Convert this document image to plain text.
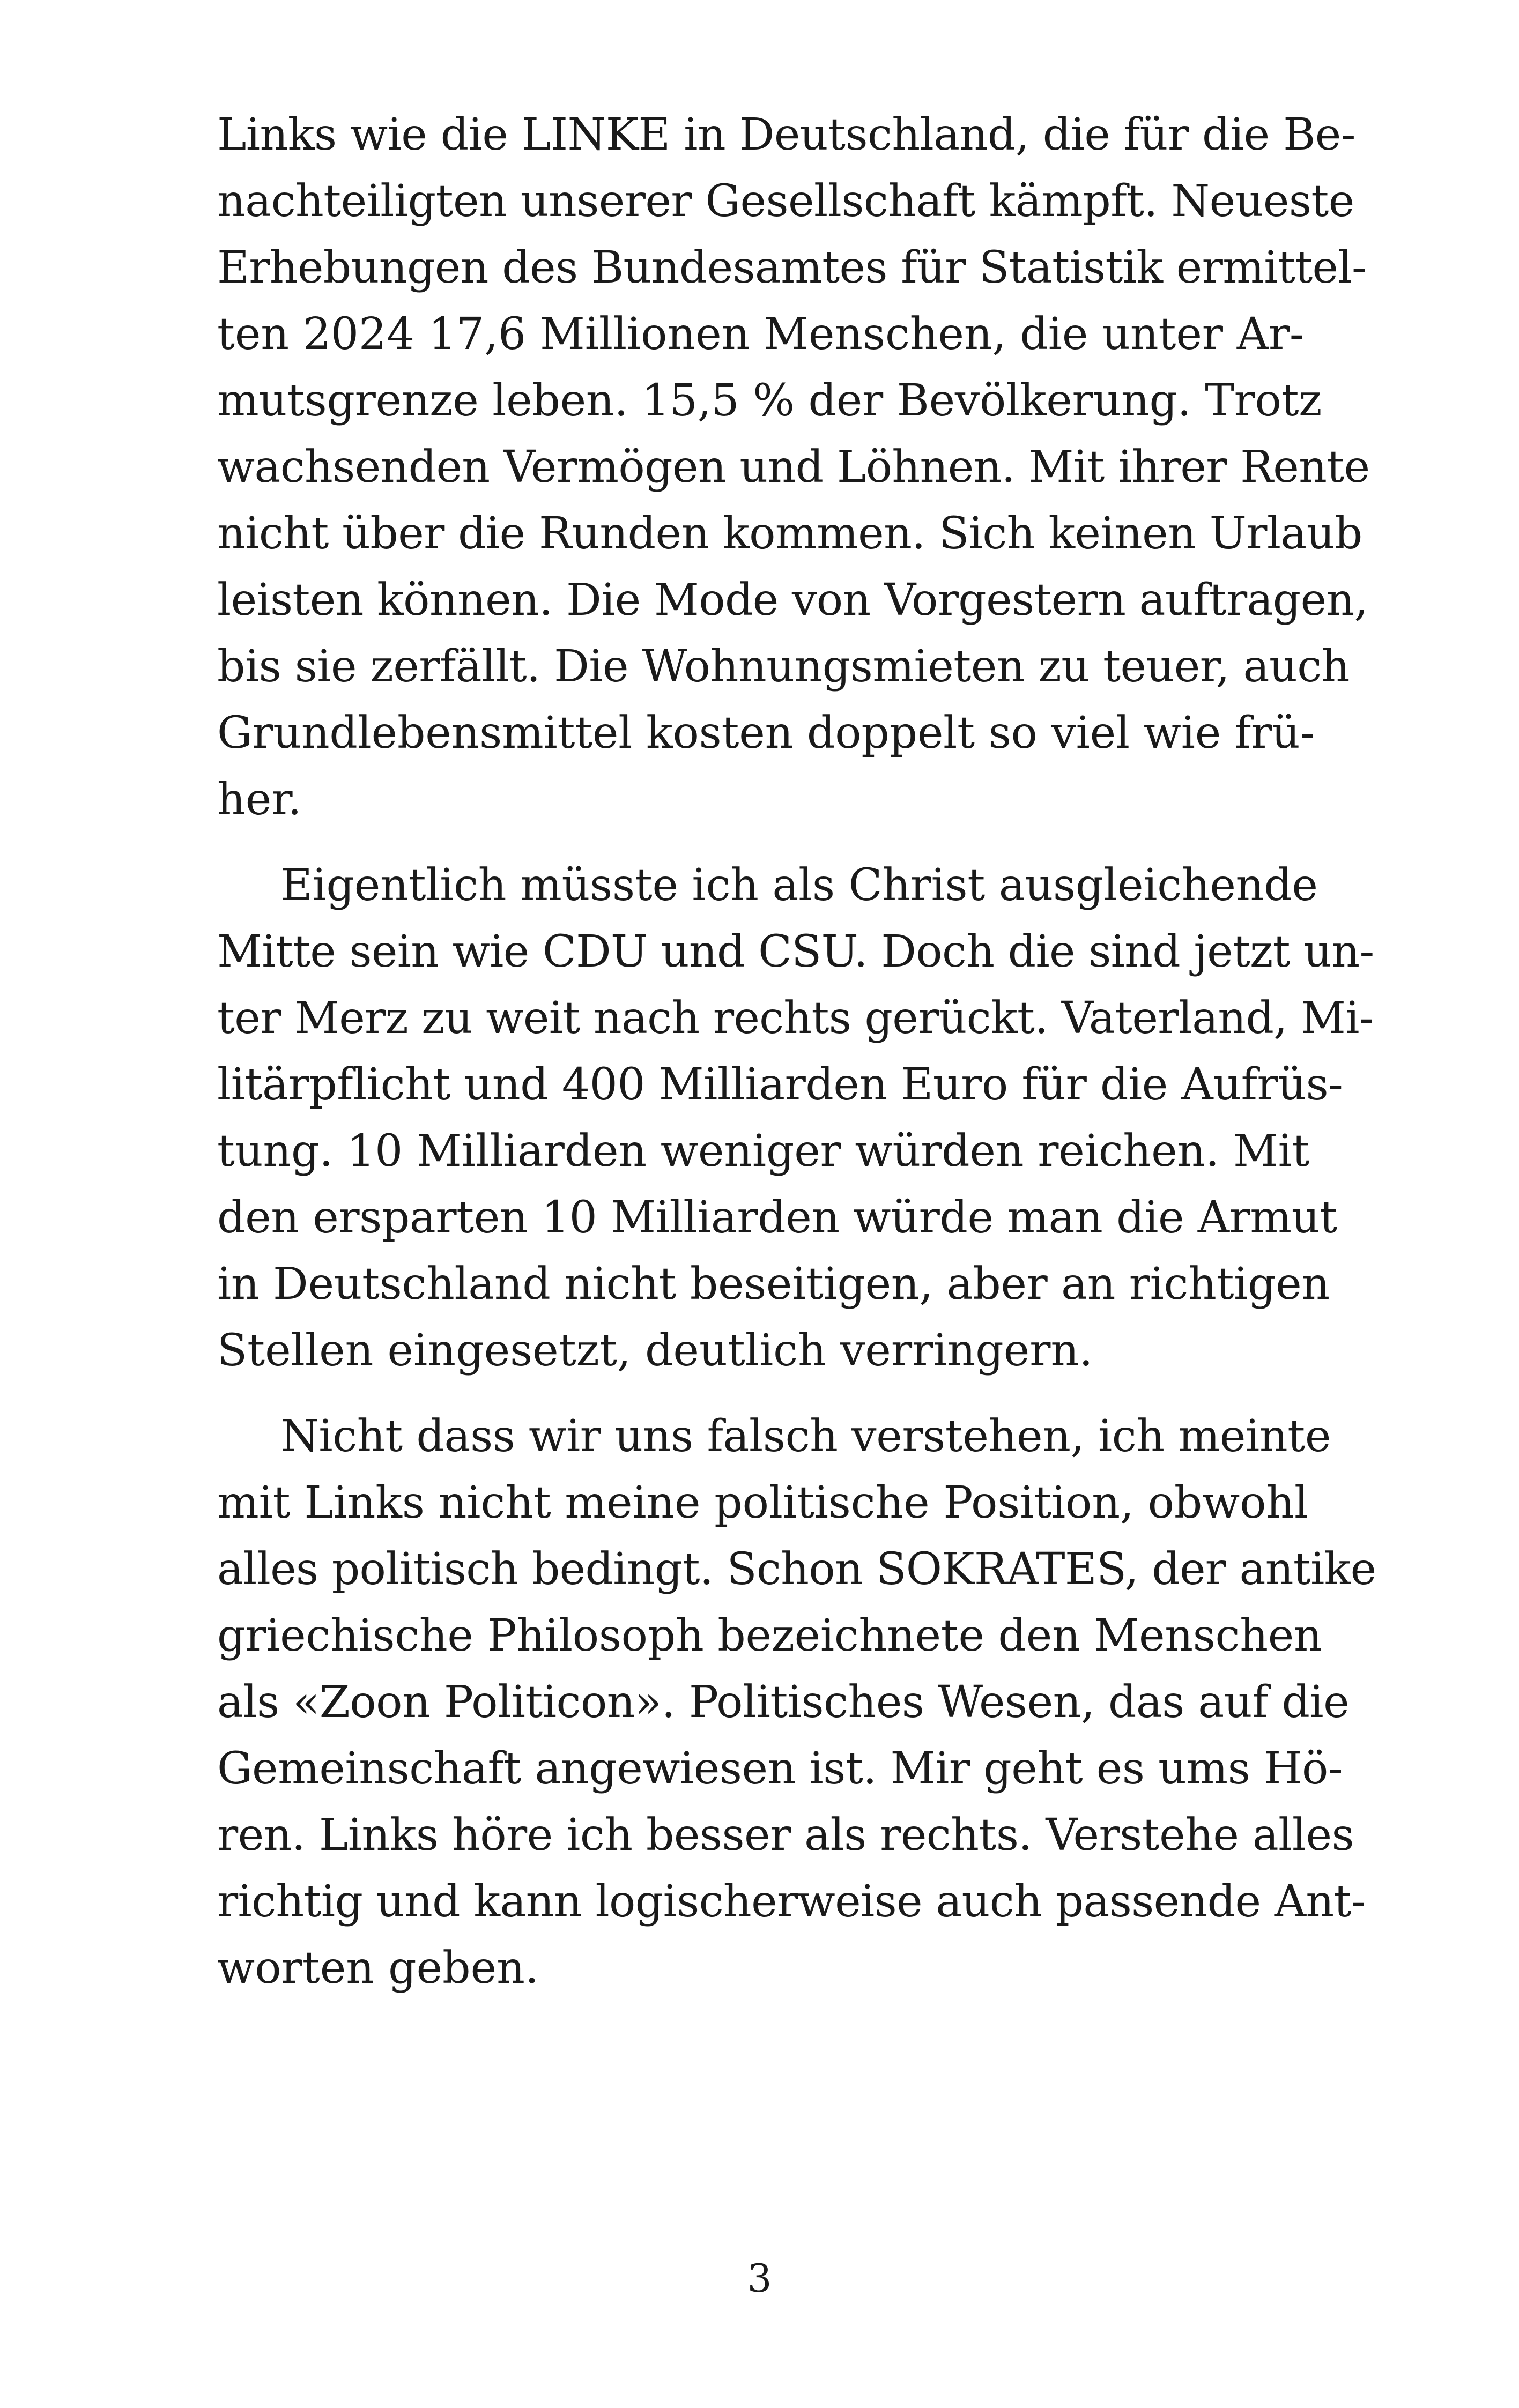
Links wie die LINKE in Deutschland, die für die Be-
nachteiligten unserer Gesellschaft kämpft. Neueste
Erhebungen des Bundesamtes für Statistik ermittel-
ten 2024 17,6 Millionen Menschen, die unter Ar-
mutsgrenze leben. 15,5 % der Bevölkerung. Trotz
wachsenden Vermögen und Löhnen. Mit ihrer Rente
nicht über die Runden kommen. Sich keinen Urlaub
leisten können. Die Mode von Vorgestern auftragen,
bis sie zerfällt. Die Wohnungsmieten zu teuer, auch
Grundlebensmittel kosten doppelt so viel wie frü-
her.
Eigentlich müsste ich als Christ ausgleichende
Mitte sein wie CDU und CSU. Doch die sind jetzt un-
ter Merz zu weit nach rechts gerückt. Vaterland, Mi-
litärpflicht und 400 Milliarden Euro für die Aufrüs-
tung. 10 Milliarden weniger würden reichen. Mit
den ersparten 10 Milliarden würde man die Armut
in Deutschland nicht beseitigen, aber an richtigen
Stellen eingesetzt, deutlich verringern.
Nicht dass wir uns falsch verstehen, ich meinte
mit Links nicht meine politische Position, obwohl
alles politisch bedingt. Schon SOKRATES, der antike
griechische Philosoph bezeichnete den Menschen
als «Zoon Politicon». Politisches Wesen, das auf die
Gemeinschaft angewiesen ist. Mir geht es ums Hö-
ren. Links höre ich besser als rechts. Verstehe alles
richtig und kann logischerweise auch passende Ant-
worten geben.
3
